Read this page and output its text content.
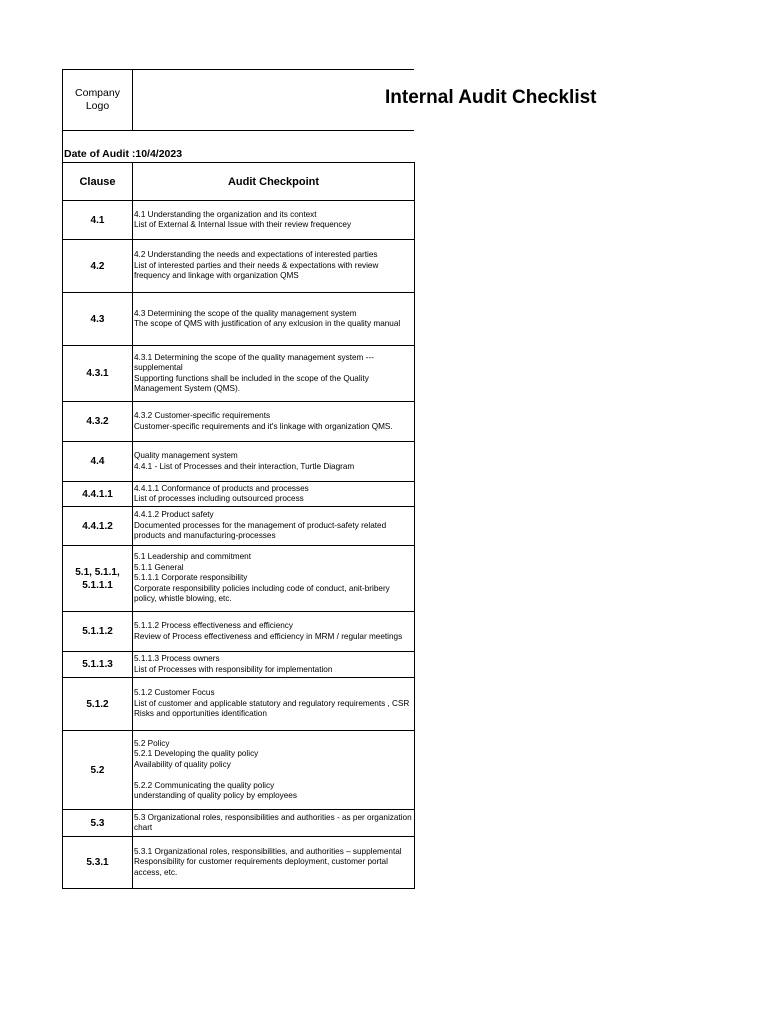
Company
Logo	Internal Audit Checklist
Date of Audit :10/4/2023
Clause	Audit Checkpoint
4.1	4.1 Understanding the organization and its context
List of External & Internal Issue with their review frequencey
4.2	4.2 Understanding the needs and expectations of interested parties
List of interested parties and their needs & expectations with review frequency and linkage with organization QMS
4.3	4.3 Determining the scope of the quality management system
The scope of QMS with justification of any exlcusion in the quality manual
4.3.1	4.3.1 Determining the scope of the quality management system --- supplemental
Supporting functions shall be included in the scope of the Quality Management System (QMS).
4.3.2	4.3.2 Customer-specific requirements
Customer-specific requirements and it's linkage with organization QMS.
4.4	Quality management system
4.4.1 - List of Processes and their interaction, Turtle Diagram
4.4.1.1	4.4.1.1 Conformance of products and processes
List of processes including outsourced process
4.4.1.2	4.4.1.2 Product safety
Documented processes for the management of product-safety related products and manufacturing-processes
5.1, 5.1.1,
5.1.1.1	5.1 Leadership and commitment
5.1.1 General
5.1.1.1 Corporate responsibility
Corporate responsibility policies including code of conduct, anit-bribery policy, whistle blowing, etc.
5.1.1.2	5.1.1.2 Process effectiveness and efficiency
Review of Process effectiveness and efficiency in MRM / regular meetings
5.1.1.3	5.1.1.3 Process owners
List of Processes with responsibility for implementation
5.1.2	5.1.2 Customer Focus
List of customer and applicable statutory and regulatory requirements , CSR
Risks and opportunities identification
5.2	5.2 Policy
5.2.1 Developing the quality policy
Availability of quality policy

5.2.2 Communicating the quality policy
understanding of quality policy by employees
5.3	5.3 Organizational roles, responsibilities and authorities - as per organization chart
5.3.1	5.3.1 Organizational roles, responsibilities, and authorities – supplemental
Responsibility for customer requirements deployment, customer portal access, etc.
